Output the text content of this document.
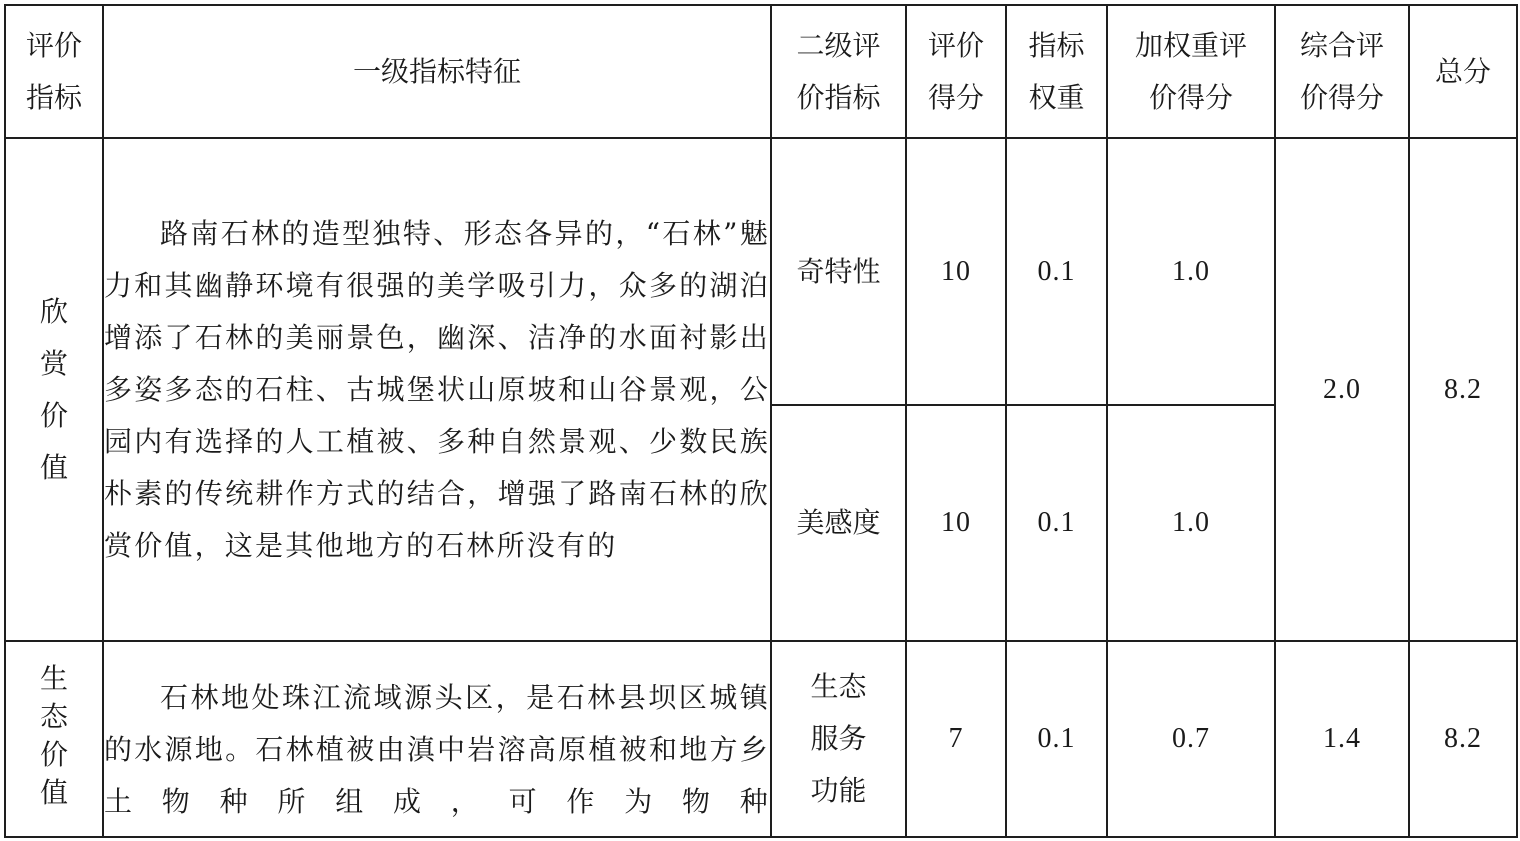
评价指标	一级指标特征	二级评价指标	评价得分	指标权重	加权重评价得分	综合评价得分	总分
欣赏价值	路南石林的造型独特、形态各异的，“石林”魅力和其幽静环境有很强的美学吸引力，众多的湖泊增添了石林的美丽景色，幽深、洁净的水面衬影出多姿多态的石柱、古城堡状山原坡和山谷景观，公园内有选择的人工植被、多种自然景观、少数民族朴素的传统耕作方式的结合，增强了路南石林的欣赏价值，这是其他地方的石林所没有的	奇特性	10	0.1	1.0	2.0	8.2
		美感度	10	0.1	1.0		
生态价值	石林地处珠江流域源头区，是石林县坝区城镇的水源地。石林植被由滇中岩溶高原植被和地方乡土物种所组成，可作为物种	生态服务功能	7	0.1	0.7	1.4	8.2
